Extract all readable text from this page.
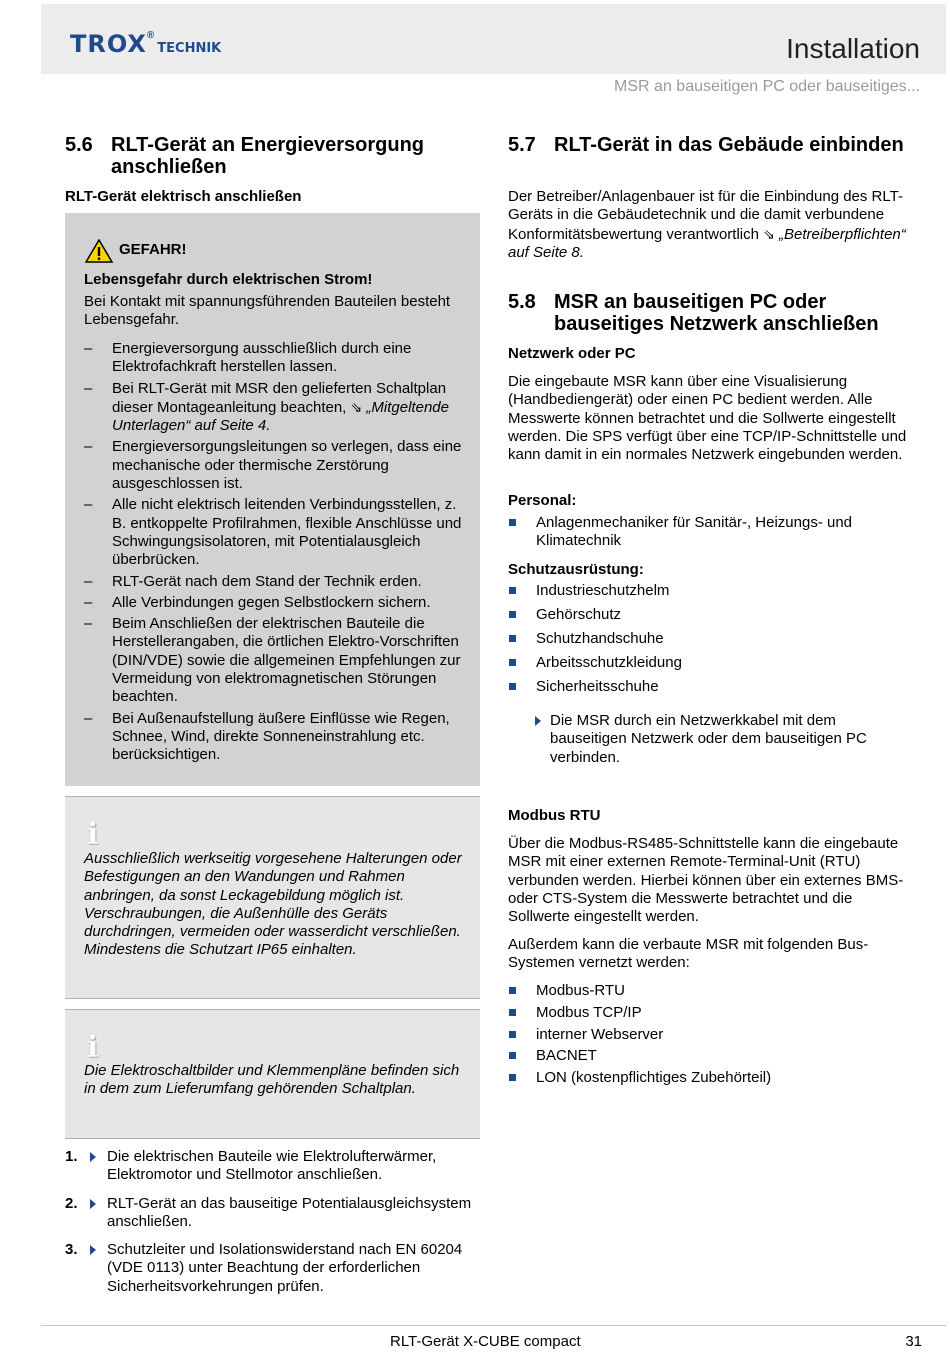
TROX®TECHNIK	Installation
MSR an bauseitigen PC oder bauseitiges...
5.6 RLT-Gerät an Energieversorgung anschließen
RLT-Gerät elektrisch anschließen
GEFAHR!
Lebensgefahr durch elektrischen Strom!

Bei Kontakt mit spannungsführenden Bauteilen besteht Lebensgefahr.

– Energieversorgung ausschließlich durch eine Elektrofachkraft herstellen lassen.
– Bei RLT-Gerät mit MSR den gelieferten Schaltplan dieser Montageanleitung beachten, ⇘ „Mitgeltende Unterlagen“ auf Seite 4.
– Energieversorgungsleitungen so verlegen, dass eine mechanische oder thermische Zerstörung ausgeschlossen ist.
– Alle nicht elektrisch leitenden Verbindungsstellen, z. B. entkoppelte Profilrahmen, flexible Anschlüsse und Schwingungsisolatoren, mit Potentialausgleich überbrücken.
– RLT-Gerät nach dem Stand der Technik erden.
– Alle Verbindungen gegen Selbstlockern sichern.
– Beim Anschließen der elektrischen Bauteile die Herstellerangaben, die örtlichen Elektro-Vorschriften (DIN/VDE) sowie die allgemeinen Empfehlungen zur Vermeidung von elektromagnetischen Störungen beachten.
– Bei Außenaufstellung äußere Einflüsse wie Regen, Schnee, Wind, direkte Sonneneinstrahlung etc. berücksichtigen.
i

Ausschließlich werkseitig vorgesehene Halterungen oder Befestigungen an den Wandungen und Rahmen anbringen, da sonst Leckagebildung möglich ist. Verschraubungen, die Außenhülle des Geräts durchdringen, vermeiden oder wasserdicht verschließen. Mindestens die Schutzart IP65 einhalten.

i

Die Elektroschaltbilder und Klemmenpläne befinden sich in dem zum Lieferumfang gehörenden Schaltplan.

1. Die elektrischen Bauteile wie Elektrolufterwärmer, Elektromotor und Stellmotor anschließen.
2. RLT-Gerät an das bauseitige Potentialausgleichsystem anschließen.
3. Schutzleiter und Isolationswiderstand nach EN 60204 (VDE 0113) unter Beachtung der erforderlichen Sicherheitsvorkehrungen prüfen.
5.7 RLT-Gerät in das Gebäude einbinden

Der Betreiber/Anlagenbauer ist für die Einbindung des RLT-Geräts in die Gebäudetechnik und die damit verbundene Konformitätsbewertung verantwortlich ⇘ „Betreiberpflichten“ auf Seite 8.

5.8 MSR an bauseitigen PC oder bauseitiges Netzwerk anschließen
Netzwerk oder PC

Die eingebaute MSR kann über eine Visualisierung (Handbediengerät) oder einen PC bedient werden. Alle Messwerte können betrachtet und die Sollwerte eingestellt werden. Die SPS verfügt über eine TCP/IP-Schnittstelle und kann damit in ein normales Netzwerk eingebunden werden.

Personal:
Anlagenmechaniker für Sanitär-, Heizungs- und Klimatechnik
Schutzausrüstung:
Industrieschutzhelm
Gehörschutz
Schutzhandschuhe
Arbeitsschutzkleidung
Sicherheitsschuhe

Die MSR durch ein Netzwerkkabel mit dem bauseitigen Netzwerk oder dem bauseitigen PC verbinden.

Modbus RTU

Über die Modbus-RS485-Schnittstelle kann die eingebaute MSR mit einer externen Remote-Terminal-Unit (RTU) verbunden werden. Hierbei können über ein externes BMS- oder CTS-System die Messwerte betrachtet und die Sollwerte eingestellt werden.

Außerdem kann die verbaute MSR mit folgenden Bus-Systemen vernetzt werden:

Modbus-RTU
Modbus TCP/IP
interner Webserver
BACNET
LON (kostenpflichtiges Zubehörteil)
RLT-Gerät X-CUBE compact	31
